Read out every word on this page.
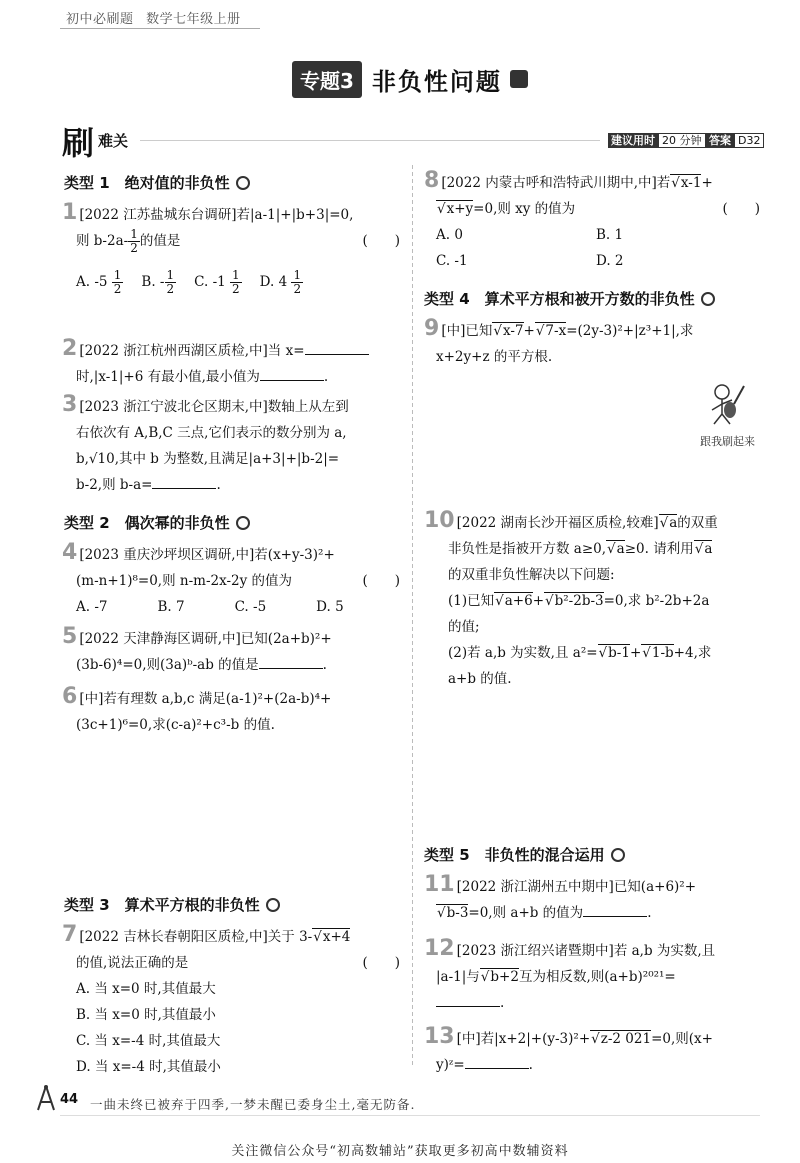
初中必刷题 数学七年级上册
专题3 非负性问题
刷 难关	建议用时 20 分钟 答案 D32
类型 1　绝对值的非负性
1 [2022 江苏盐城东台调研]若|a-1|+|b+3|=0,
则 $b-2a- \frac{1}{2}$ 的值是	(　　)
A. $-5 \frac{1}{2} B$. - $\frac{1}{2} C$. $-1 \frac{1}{2} D$. $4 \frac{1}{2}$
2 [2022 浙江杭州西湖区质检,中]当 x=
时,|x-1|+6 有最小值,最小值为	.
3 [2023 浙江宁波北仑区期末,中]数轴上从左到
右依次有 A,B,C 三点,它们表示的数分别为 a,
b,√10,其中 b 为整数,且满足|a+3|+|b-2|=
b-2,则 b-a=	.
类型 2　偶次幂的非负性
4 [2023 重庆沙坪坝区调研,中]若(x+y-3)²+
(m-n+1)⁸=0,则 n-m-2x-2y 的值为	(　　)
A. -7	B. 7	C. -5	D. 5
5 [2022 天津静海区调研,中]已知(2a+b)²+
(3b-6)⁴=0,则(3a)ᵇ-ab 的值是	.
6 [中]若有理数 a,b,c 满足(a-1)²+(2a-b)⁴+
(3c+1)⁶=0,求(c-a)²+c³-b 的值.
类型 3　算术平方根的非负性
7 [2022 吉林长春朝阳区质检,中]关于 3- √ x+4
的值,说法正确的是	(　　)
A. 当 x=0 时,其值最大
B. 当 x=0 时,其值最小
C. 当 x=-4 时,其值最大
D. 当 x=-4 时,其值最小
8 [2022 内蒙古呼和浩特武川期中,中]若 √ x-1+
√ x+y=0,则 xy 的值为	(　　)
A. 0	B. 1
C. -1	D. 2
类型 4　算术平方根和被开方数的非负性
9 [中]已知 √ x-7+ √ 7-x=(2y-3)²+|z³+1|,求
x+2y+z 的平方根.
跟我刷起来
10 [2022 湖南长沙开福区质检,较难] √ a的双重
非负性是指被开方数 a≥0, √ a≥0. 请利用 √ a
的双重非负性解决以下问题:
(1)已知 √ a+6+ √ b²-2b-3=0,求 b²-2b+2a
的值;
(2)若 a,b 为实数,且 a²= √ b-1+ √ 1-b+4,求
a+b 的值.
类型 5　非负性的混合运用
11 [2022 浙江湖州五中期中]已知(a+6)²+
√ b-3=0,则 a+b 的值为	.
12 [2023 浙江绍兴诸暨期中]若 a,b 为实数,且
|a-1|与 √ b+2互为相反数,则(a+b)²⁰²¹=
.
13 [中]若|x+2|+(y-3)²+ √ z-2 021=0,则(x+
y)ᶻ=	.
44 一曲未终已被弃于四季,一梦未醒已委身尘土,毫无防备.
关注微信公众号“初高数辅站”获取更多初高中数辅资料
